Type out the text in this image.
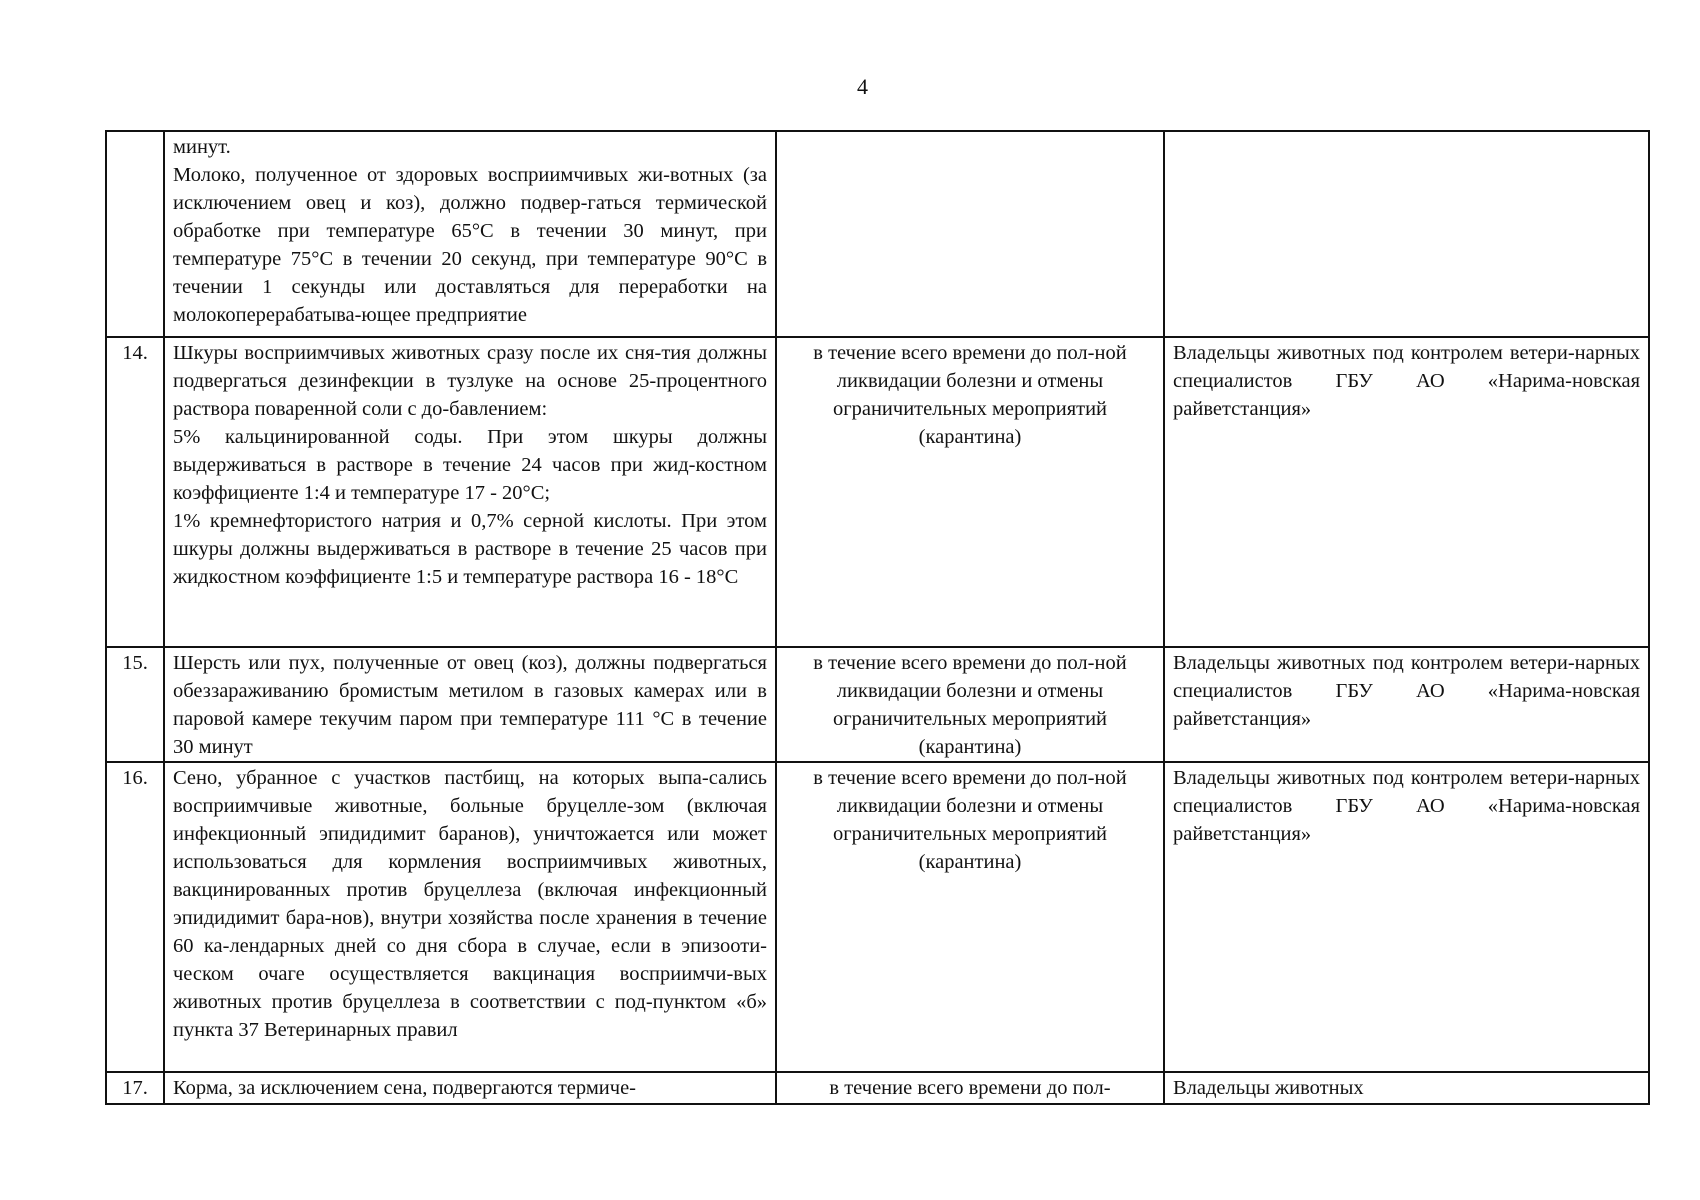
4

	минут.
Молоко, полученное от здоровых восприимчивых жи-вотных (за исключением овец и коз), должно подвер-гаться термической обработке при температуре 65°С в течении 30 минут, при температуре 75°С в течении 20 секунд, при температуре 90°С в течении 1 секунды или доставляться для переработки на молокоперерабатыва-ющее предприятие		

14.	Шкуры восприимчивых животных сразу после их сня-тия должны подвергаться дезинфекции в тузлуке на основе 25-процентного раствора поваренной соли с до-бавлением:
5% кальцинированной соды. При этом шкуры должны выдерживаться в растворе в течение 24 часов при жид-костном коэффициенте 1:4 и температуре 17 - 20°С;
1% кремнефтористого натрия и 0,7% серной кислоты. При этом шкуры должны выдерживаться в растворе в течение 25 часов при жидкостном коэффициенте 1:5 и температуре раствора 16 - 18°С	в течение всего времени до пол-ной ликвидации болезни и отмены ограничительных мероприятий (карантина)	Владельцы животных под контролем ветери-нарных специалистов ГБУ АО «Нарима-новская райветстанция»
15.	Шерсть или пух, полученные от овец (коз), должны подвергаться обеззараживанию бромистым метилом в газовых камерах или в паровой камере текучим паром при температуре 111 °С в течение 30 минут	в течение всего времени до пол-ной ликвидации болезни и отмены ограничительных мероприятий (карантина)	Владельцы животных под контролем ветери-нарных специалистов ГБУ АО «Нарима-новская райветстанция»
16.	Сено, убранное с участков пастбищ, на которых выпа-сались восприимчивые животные, больные бруцелле-зом (включая инфекционный эпидидимит баранов), уничтожается или может использоваться для кормления восприимчивых животных, вакцинированных против бруцеллеза (включая инфекционный эпидидимит бара-нов), внутри хозяйства после хранения в течение 60 ка-лендарных дней со дня сбора в случае, если в эпизооти-ческом очаге осуществляется вакцинация восприимчи-вых животных против бруцеллеза в соответствии с под-пунктом «б» пункта 37 Ветеринарных правил	в течение всего времени до пол-ной ликвидации болезни и отмены ограничительных мероприятий (карантина)	Владельцы животных под контролем ветери-нарных специалистов ГБУ АО «Нарима-новская райветстанция»
17.	Корма, за исключением сена, подвергаются термиче-	в течение всего времени до пол-	Владельцы животных
